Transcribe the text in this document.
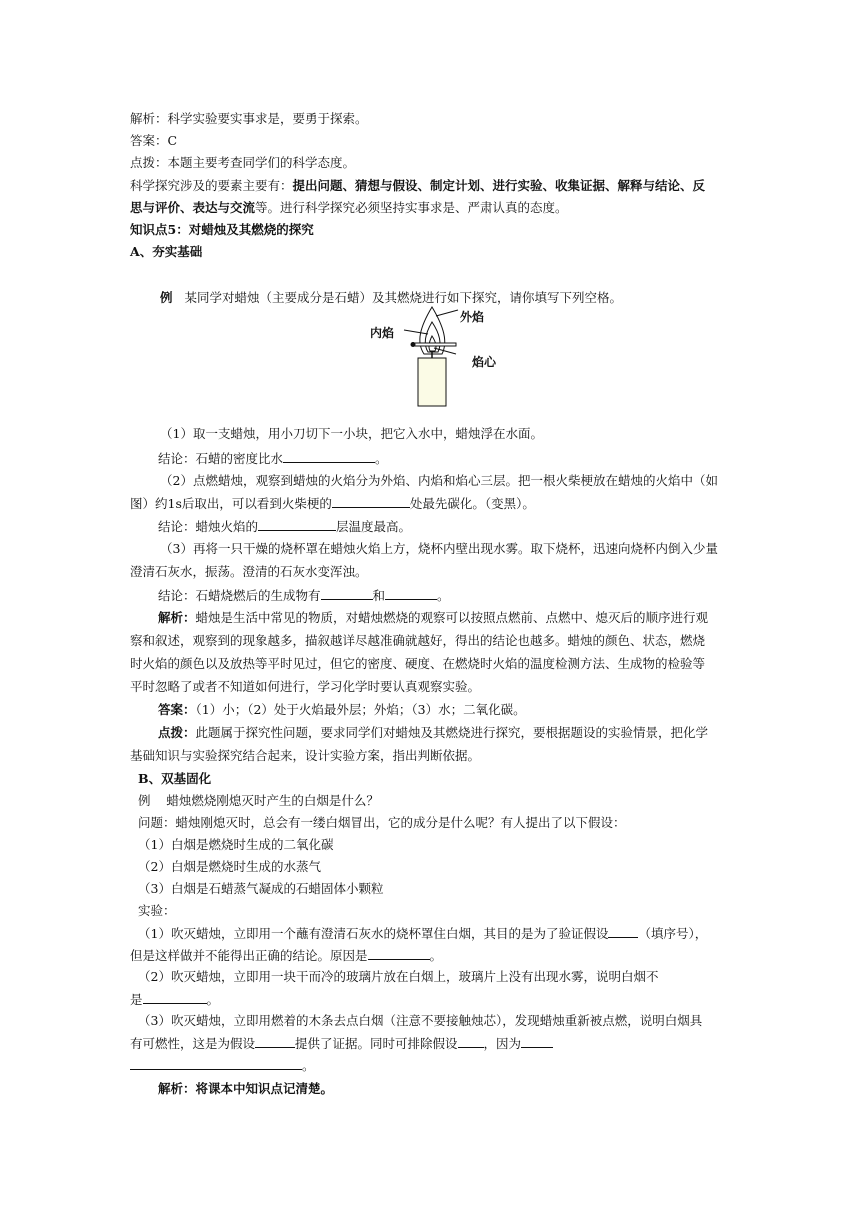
解析：科学实验要实事求是，要勇于探索。
答案：C
点拨：本题主要考查同学们的科学态度。
科学探究涉及的要素主要有：提出问题、猜想与假设、制定计划、进行实验、收集证据、解释与结论、反
思与评价、表达与交流等。进行科学探究必须坚持实事求是、严肃认真的态度。
知识点5：对蜡烛及其燃烧的探究
A、夯实基础
例 某同学对蜡烛（主要成分是石蜡）及其燃烧进行如下探究，请你填写下列空格。
外焰
内焰
焰心
（1）取一支蜡烛，用小刀切下一小块，把它入水中，蜡烛浮在水面。
结论：石蜡的密度比水	。
（2）点燃蜡烛，观察到蜡烛的火焰分为外焰、内焰和焰心三层。把一根火柴梗放在蜡烛的火焰中（如
图）约1s后取出，可以看到火柴梗的	处最先碳化。（变黑）。
结论：蜡烛火焰的	层温度最高。
（3）再将一只干燥的烧杯罩在蜡烛火焰上方，烧杯内壁出现水雾。取下烧杯，迅速向烧杯内倒入少量
澄清石灰水，振荡。澄清的石灰水变浑浊。
结论：石蜡烧燃后的生成物有	和	。
解析：蜡烛是生活中常见的物质，对蜡烛燃烧的观察可以按照点燃前、点燃中、熄灭后的顺序进行观
察和叙述，观察到的现象越多，描叙越详尽越准确就越好，得出的结论也越多。蜡烛的颜色、状态，燃烧
时火焰的颜色以及放热等平时见过，但它的密度、硬度、在燃烧时火焰的温度检测方法、生成物的检验等
平时忽略了或者不知道如何进行，学习化学时要认真观察实验。
答案：（1）小；（2）处于火焰最外层；外焰；（3）水；二氧化碳。
点拨：此题属于探究性问题，要求同学们对蜡烛及其燃烧进行探究，要根据题设的实验情景，把化学
基础知识与实验探究结合起来，设计实验方案，指出判断依据。
B、双基固化
例 蜡烛燃烧刚熄灭时产生的白烟是什么？
问题：蜡烛刚熄灭时，总会有一缕白烟冒出，它的成分是什么呢？有人提出了以下假设：
（1）白烟是燃烧时生成的二氧化碳
（2）白烟是燃烧时生成的水蒸气
（3）白烟是石蜡蒸气凝成的石蜡固体小颗粒
实验：
（1）吹灭蜡烛，立即用一个蘸有澄清石灰水的烧杯罩住白烟，其目的是为了验证假设 （填序号），
但是这样做并不能得出正确的结论。原因是	。
（2）吹灭蜡烛，立即用一块干而冷的玻璃片放在白烟上，玻璃片上没有出现水雾，说明白烟不
是	。
（3）吹灭蜡烛，立即用燃着的木条去点白烟（注意不要接触烛芯），发现蜡烛重新被点燃，说明白烟具
有可燃性，这是为假设	提供了证据。同时可排除假设 ，因为
。
解析：将课本中知识点记清楚。
